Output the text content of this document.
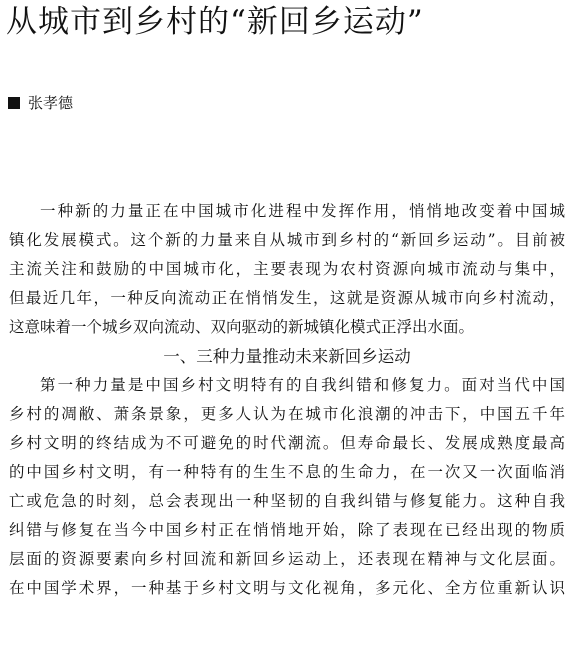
从城市到乡村的“新回乡运动”
张孝德
一种新的力量正在中国城市化进程中发挥作用，悄悄地改变着中国城
镇化发展模式。这个新的力量来自从城市到乡村的“新回乡运动”。目前被
主流关注和鼓励的中国城市化，主要表现为农村资源向城市流动与集中，
但最近几年，一种反向流动正在悄悄发生，这就是资源从城市向乡村流动，
这意味着一个城乡双向流动、双向驱动的新城镇化模式正浮出水面。
一、三种力量推动未来新回乡运动
第一种力量是中国乡村文明特有的自我纠错和修复力。面对当代中国
乡村的凋敝、萧条景象，更多人认为在城市化浪潮的冲击下，中国五千年
乡村文明的终结成为不可避免的时代潮流。但寿命最长、发展成熟度最高
的中国乡村文明，有一种特有的生生不息的生命力，在一次又一次面临消
亡或危急的时刻，总会表现出一种坚韧的自我纠错与修复能力。这种自我
纠错与修复在当今中国乡村正在悄悄地开始，除了表现在已经出现的物质
层面的资源要素向乡村回流和新回乡运动上，还表现在精神与文化层面。
在中国学术界，一种基于乡村文明与文化视角，多元化、全方位重新认识
